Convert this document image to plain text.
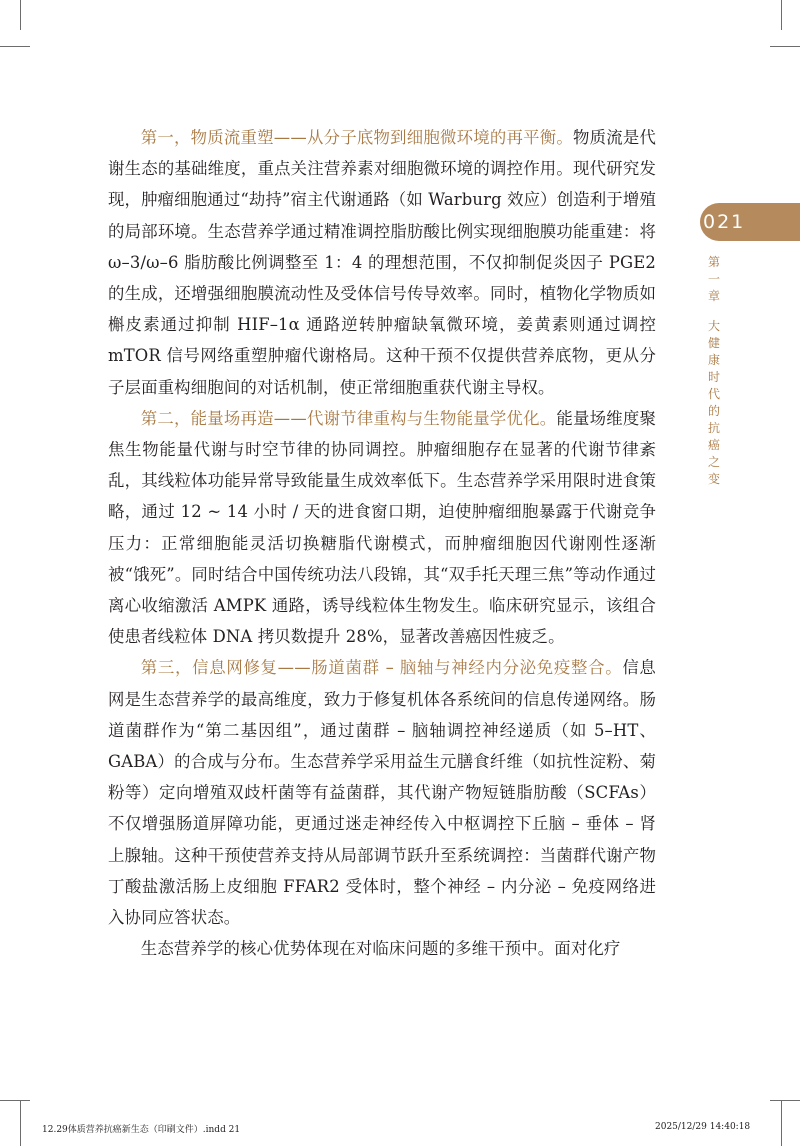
第一，物质流重塑——从分子底物到细胞微环境的再平衡。物质流是代谢生态的基础维度，重点关注营养素对细胞微环境的调控作用。现代研究发现，肿瘤细胞通过“劫持”宿主代谢通路（如 Warburg 效应）创造利于增殖的局部环境。生态营养学通过精准调控脂肪酸比例实现细胞膜功能重建：将 ω–3/ω–6 脂肪酸比例调整至 1：4 的理想范围，不仅抑制促炎因子 PGE2 的生成，还增强细胞膜流动性及受体信号传导效率。同时，植物化学物质如槲皮素通过抑制 HIF–1α 通路逆转肿瘤缺氧微环境，姜黄素则通过调控 mTOR 信号网络重塑肿瘤代谢格局。这种干预不仅提供营养底物，更从分子层面重构细胞间的对话机制，使正常细胞重获代谢主导权。

第二，能量场再造——代谢节律重构与生物能量学优化。能量场维度聚焦生物能量代谢与时空节律的协同调控。肿瘤细胞存在显著的代谢节律紊乱，其线粒体功能异常导致能量生成效率低下。生态营养学采用限时进食策略，通过 12 ~ 14 小时 / 天的进食窗口期，迫使肿瘤细胞暴露于代谢竞争压力：正常细胞能灵活切换糖脂代谢模式，而肿瘤细胞因代谢刚性逐渐被“饿死”。同时结合中国传统功法八段锦，其“双手托天理三焦”等动作通过离心收缩激活 AMPK 通路，诱导线粒体生物发生。临床研究显示，该组合使患者线粒体 DNA 拷贝数提升 28%，显著改善癌因性疲乏。

第三，信息网修复——肠道菌群 – 脑轴与神经内分泌免疫整合。信息网是生态营养学的最高维度，致力于修复机体各系统间的信息传递网络。肠道菌群作为“第二基因组”，通过菌群 – 脑轴调控神经递质（如 5–HT、GABA）的合成与分布。生态营养学采用益生元膳食纤维（如抗性淀粉、菊粉等）定向增殖双歧杆菌等有益菌群，其代谢产物短链脂肪酸（SCFAs）不仅增强肠道屏障功能，更通过迷走神经传入中枢调控下丘脑 – 垂体 – 肾上腺轴。这种干预使营养支持从局部调节跃升至系统调控：当菌群代谢产物丁酸盐激活肠上皮细胞 FFAR2 受体时，整个神经 – 内分泌 – 免疫网络进入协同应答状态。

生态营养学的核心优势体现在对临床问题的多维干预中。面对化疗

021
第一章
大健康时代的抗癌之变
12.29体质营养抗癌新生态（印刷文件）.indd 21	2025/12/29 14:40:18
